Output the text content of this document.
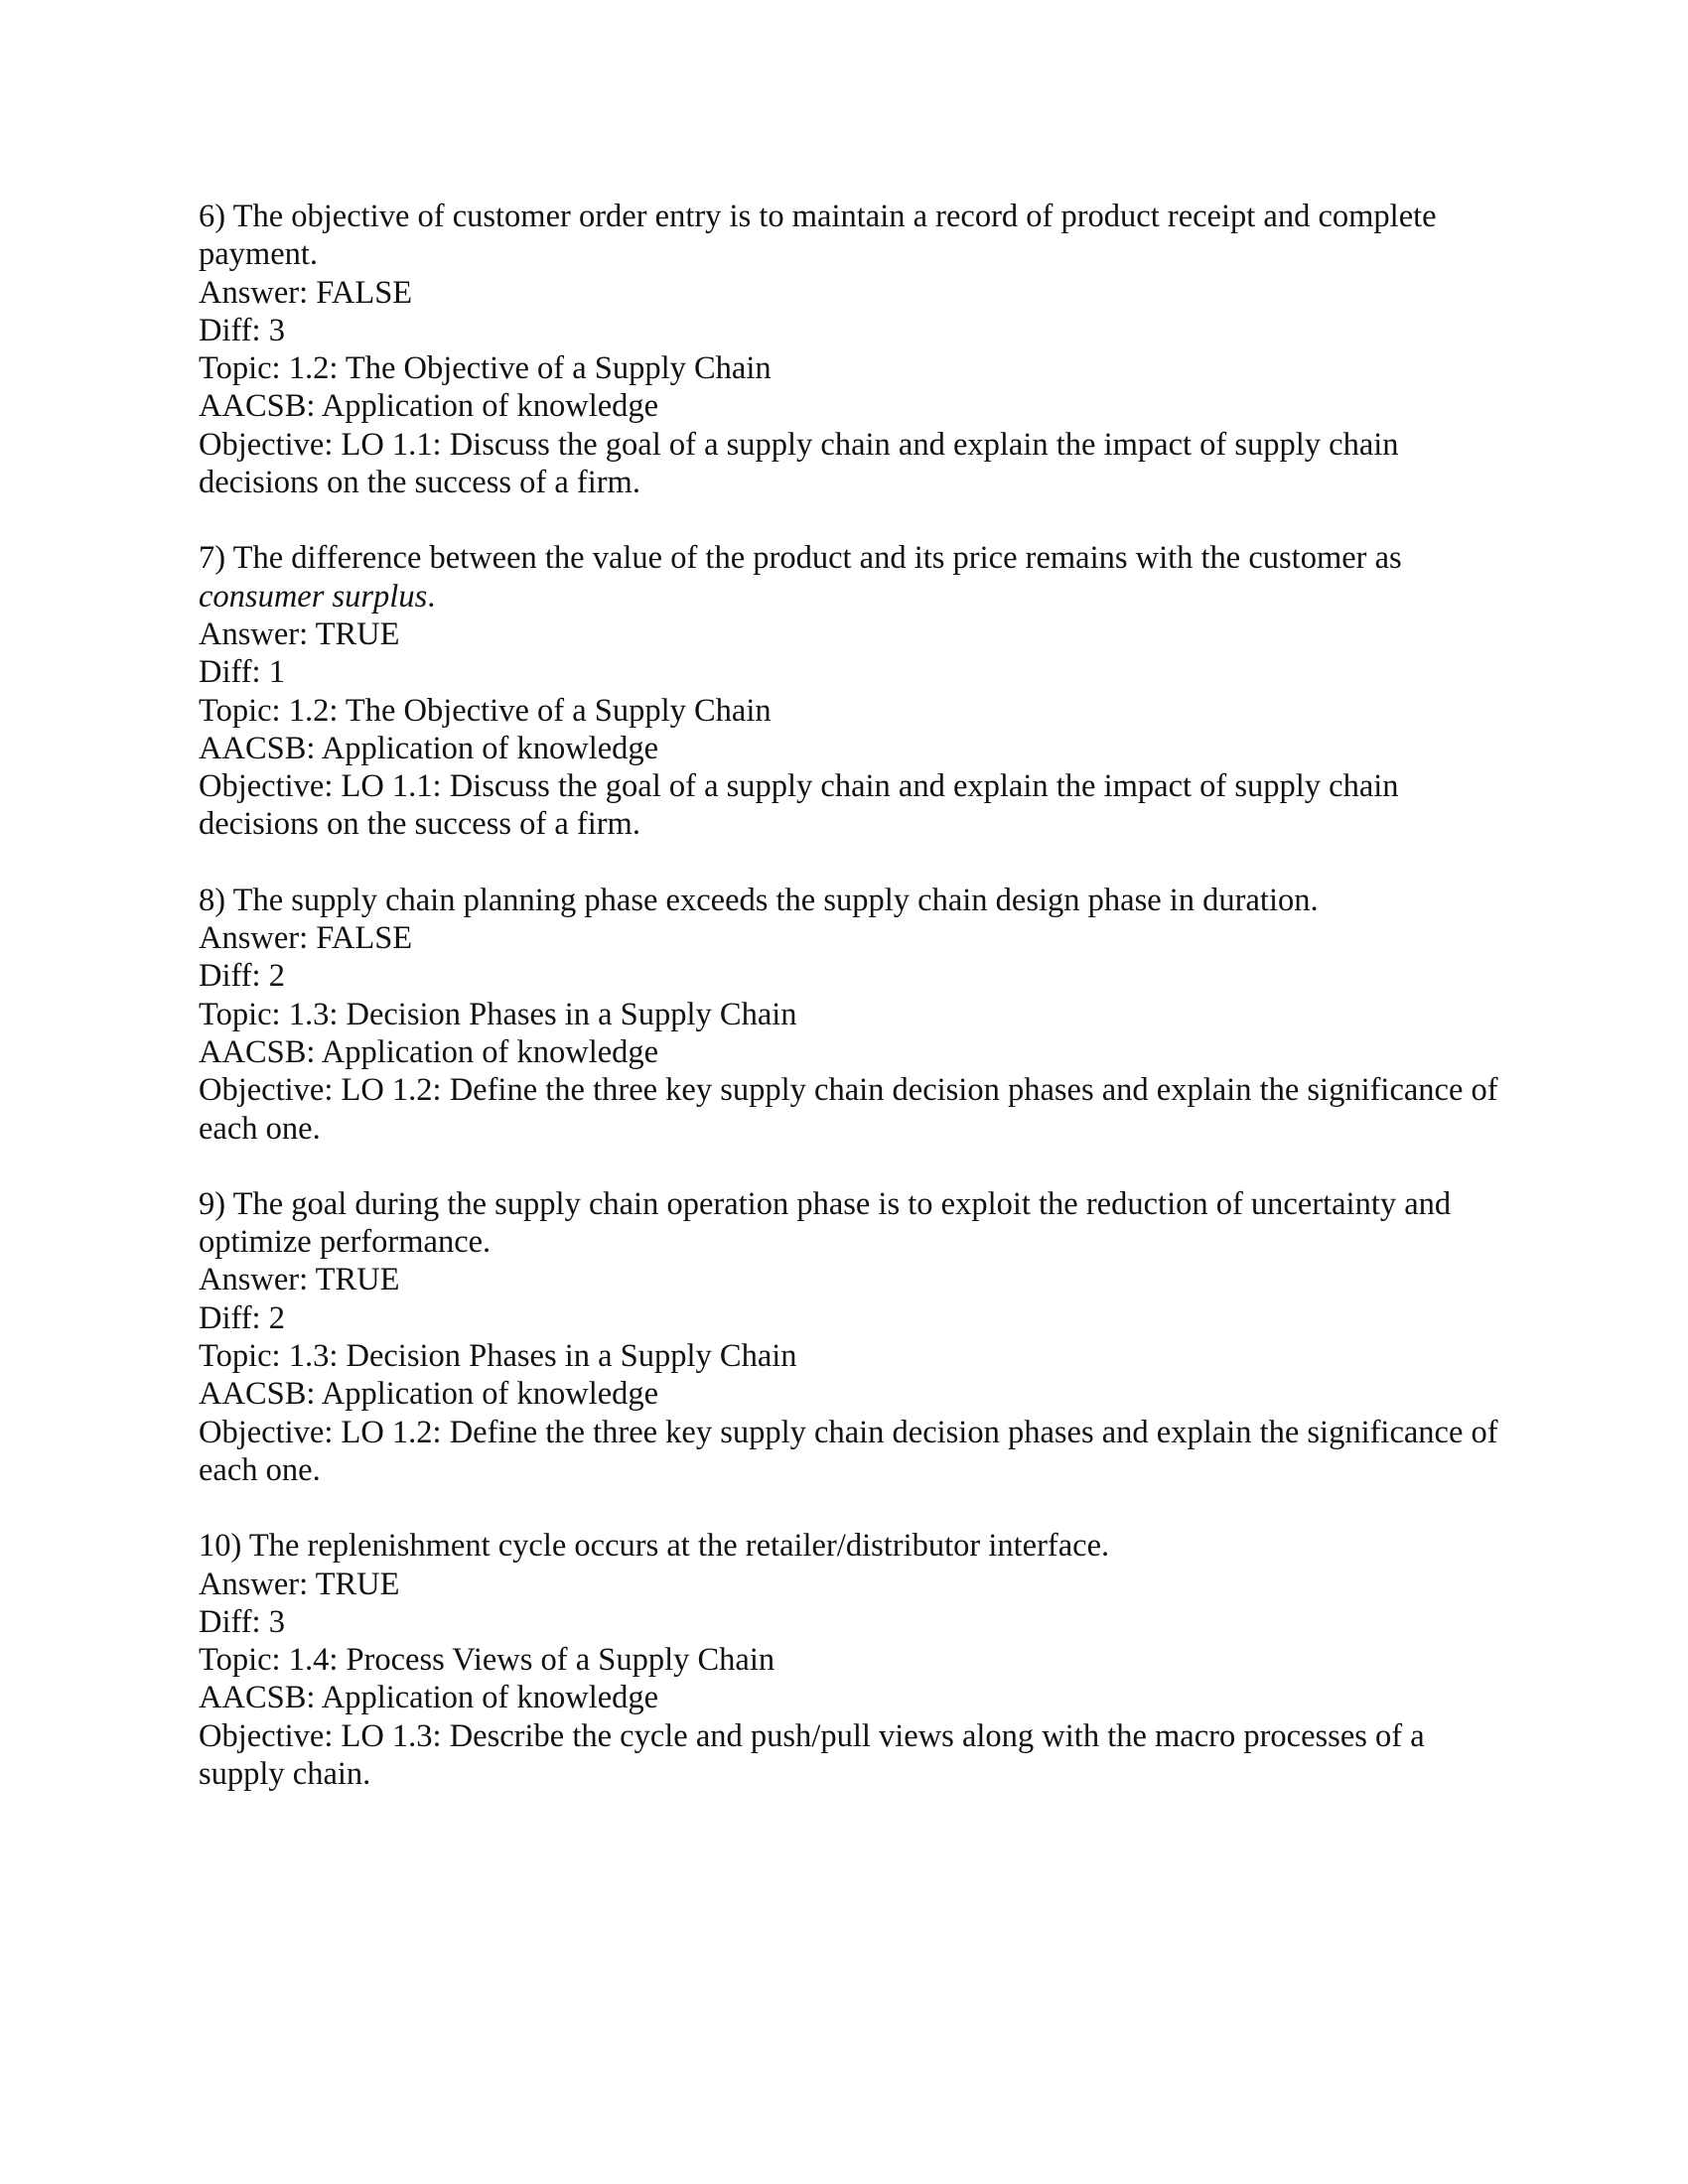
6) The objective of customer order entry is to maintain a record of product receipt and complete payment.
Answer: FALSE
Diff: 3
Topic: 1.2: The Objective of a Supply Chain
AACSB: Application of knowledge
Objective: LO 1.1: Discuss the goal of a supply chain and explain the impact of supply chain decisions on the success of a firm.
7) The difference between the value of the product and its price remains with the customer as consumer surplus.
Answer: TRUE
Diff: 1
Topic: 1.2: The Objective of a Supply Chain
AACSB: Application of knowledge
Objective: LO 1.1: Discuss the goal of a supply chain and explain the impact of supply chain decisions on the success of a firm.
8) The supply chain planning phase exceeds the supply chain design phase in duration.
Answer: FALSE
Diff: 2
Topic: 1.3: Decision Phases in a Supply Chain
AACSB: Application of knowledge
Objective: LO 1.2: Define the three key supply chain decision phases and explain the significance of each one.
9) The goal during the supply chain operation phase is to exploit the reduction of uncertainty and optimize performance.
Answer: TRUE
Diff: 2
Topic: 1.3: Decision Phases in a Supply Chain
AACSB: Application of knowledge
Objective: LO 1.2: Define the three key supply chain decision phases and explain the significance of each one.
10) The replenishment cycle occurs at the retailer/distributor interface.
Answer: TRUE
Diff: 3
Topic: 1.4: Process Views of a Supply Chain
AACSB: Application of knowledge
Objective: LO 1.3: Describe the cycle and push/pull views along with the macro processes of a supply chain.
